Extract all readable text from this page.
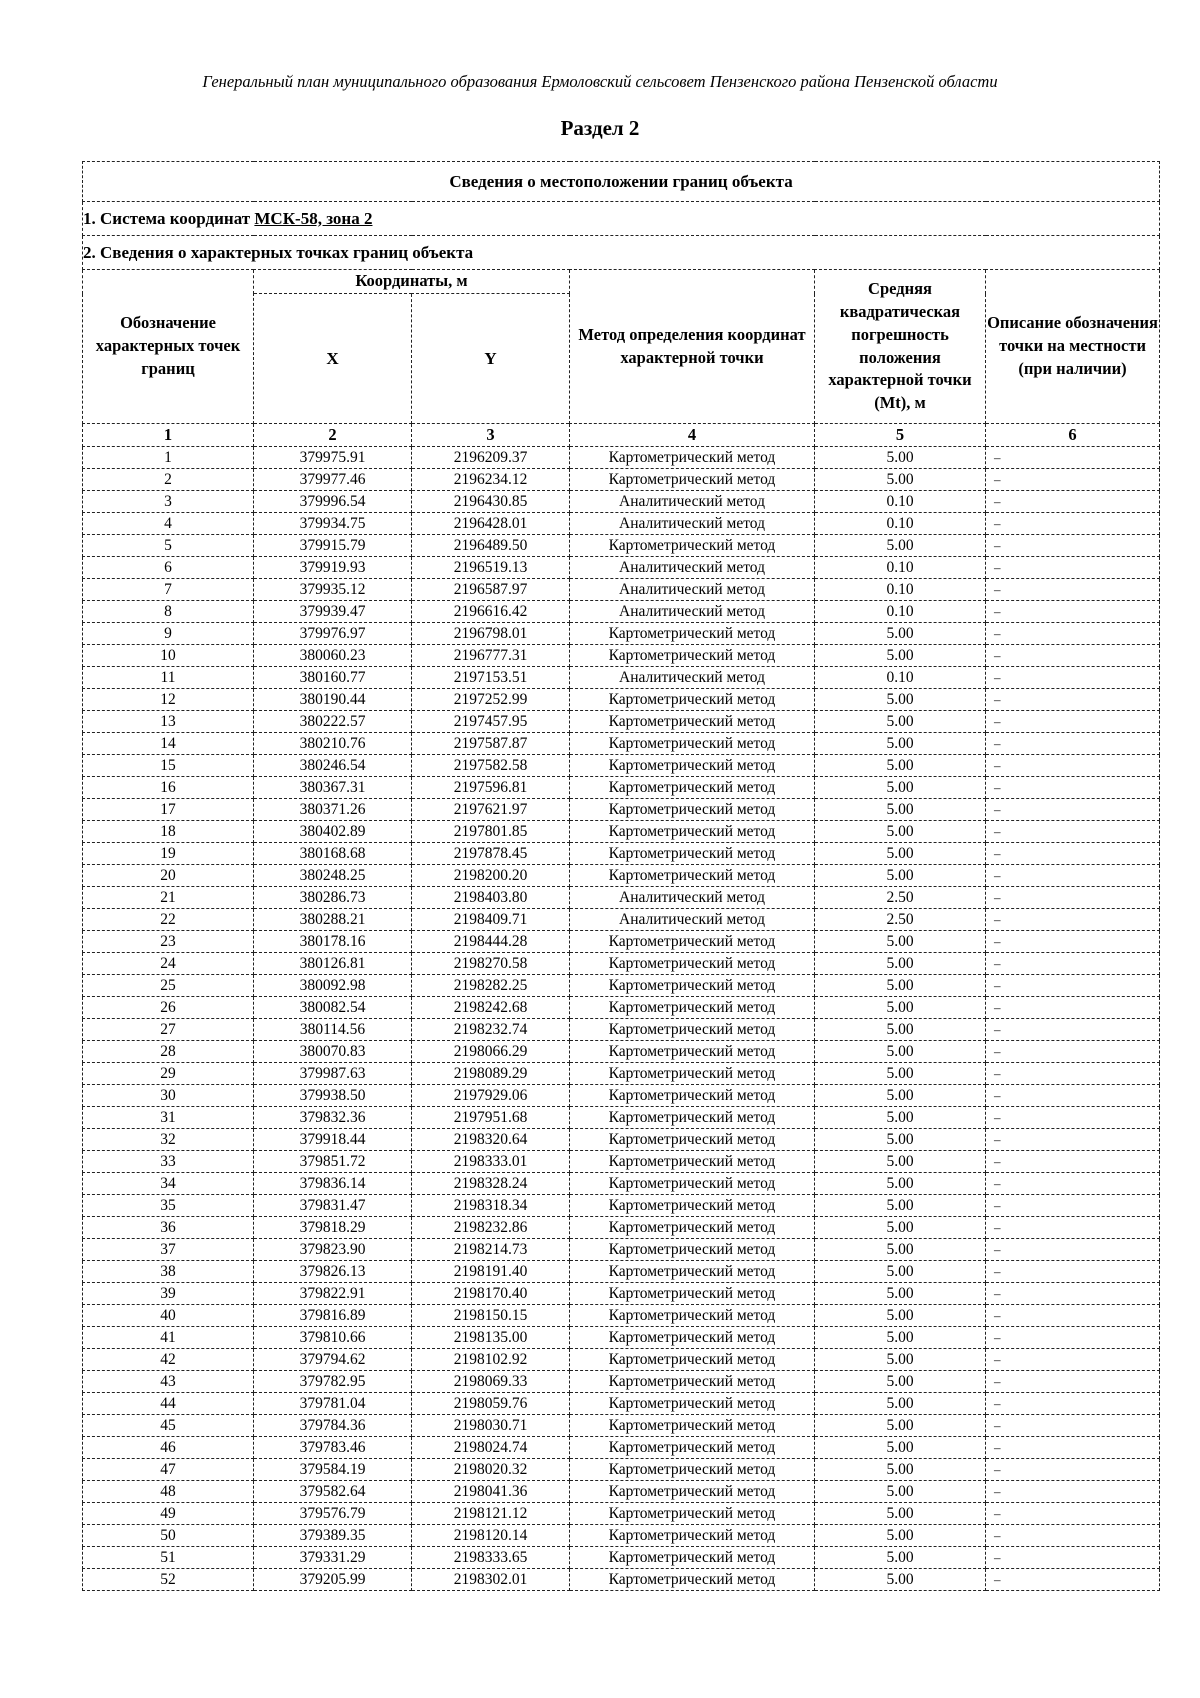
Генеральный план муниципального образования Ермоловский сельсовет Пензенского района Пензенской области
Раздел 2
Сведения о местоположении границ объекта					
1. Система координат МСК-58, зона 2					
2. Сведения о характерных точках границ объекта					
Обозначение характерных точек границ	Координаты, м		Метод определения координат характерной точки	Средняя квадратическая погрешность положения характерной точки (Mt), м	Описание обозначения точки на местности (при наличии)
	X	Y			
1	2	3	4	5	6
1	379975.91	2196209.37	Картометрический метод	5.00	–
2	379977.46	2196234.12	Картометрический метод	5.00	–
3	379996.54	2196430.85	Аналитический метод	0.10	–
4	379934.75	2196428.01	Аналитический метод	0.10	–
5	379915.79	2196489.50	Картометрический метод	5.00	–
6	379919.93	2196519.13	Аналитический метод	0.10	–
7	379935.12	2196587.97	Аналитический метод	0.10	–
8	379939.47	2196616.42	Аналитический метод	0.10	–
9	379976.97	2196798.01	Картометрический метод	5.00	–
10	380060.23	2196777.31	Картометрический метод	5.00	–
11	380160.77	2197153.51	Аналитический метод	0.10	–
12	380190.44	2197252.99	Картометрический метод	5.00	–
13	380222.57	2197457.95	Картометрический метод	5.00	–
14	380210.76	2197587.87	Картометрический метод	5.00	–
15	380246.54	2197582.58	Картометрический метод	5.00	–
16	380367.31	2197596.81	Картометрический метод	5.00	–
17	380371.26	2197621.97	Картометрический метод	5.00	–
18	380402.89	2197801.85	Картометрический метод	5.00	–
19	380168.68	2197878.45	Картометрический метод	5.00	–
20	380248.25	2198200.20	Картометрический метод	5.00	–
21	380286.73	2198403.80	Аналитический метод	2.50	–
22	380288.21	2198409.71	Аналитический метод	2.50	–
23	380178.16	2198444.28	Картометрический метод	5.00	–
24	380126.81	2198270.58	Картометрический метод	5.00	–
25	380092.98	2198282.25	Картометрический метод	5.00	–
26	380082.54	2198242.68	Картометрический метод	5.00	–
27	380114.56	2198232.74	Картометрический метод	5.00	–
28	380070.83	2198066.29	Картометрический метод	5.00	–
29	379987.63	2198089.29	Картометрический метод	5.00	–
30	379938.50	2197929.06	Картометрический метод	5.00	–
31	379832.36	2197951.68	Картометрический метод	5.00	–
32	379918.44	2198320.64	Картометрический метод	5.00	–
33	379851.72	2198333.01	Картометрический метод	5.00	–
34	379836.14	2198328.24	Картометрический метод	5.00	–
35	379831.47	2198318.34	Картометрический метод	5.00	–
36	379818.29	2198232.86	Картометрический метод	5.00	–
37	379823.90	2198214.73	Картометрический метод	5.00	–
38	379826.13	2198191.40	Картометрический метод	5.00	–
39	379822.91	2198170.40	Картометрический метод	5.00	–
40	379816.89	2198150.15	Картометрический метод	5.00	–
41	379810.66	2198135.00	Картометрический метод	5.00	–
42	379794.62	2198102.92	Картометрический метод	5.00	–
43	379782.95	2198069.33	Картометрический метод	5.00	–
44	379781.04	2198059.76	Картометрический метод	5.00	–
45	379784.36	2198030.71	Картометрический метод	5.00	–
46	379783.46	2198024.74	Картометрический метод	5.00	–
47	379584.19	2198020.32	Картометрический метод	5.00	–
48	379582.64	2198041.36	Картометрический метод	5.00	–
49	379576.79	2198121.12	Картометрический метод	5.00	–
50	379389.35	2198120.14	Картометрический метод	5.00	–
51	379331.29	2198333.65	Картометрический метод	5.00	–
52	379205.99	2198302.01	Картометрический метод	5.00	–
